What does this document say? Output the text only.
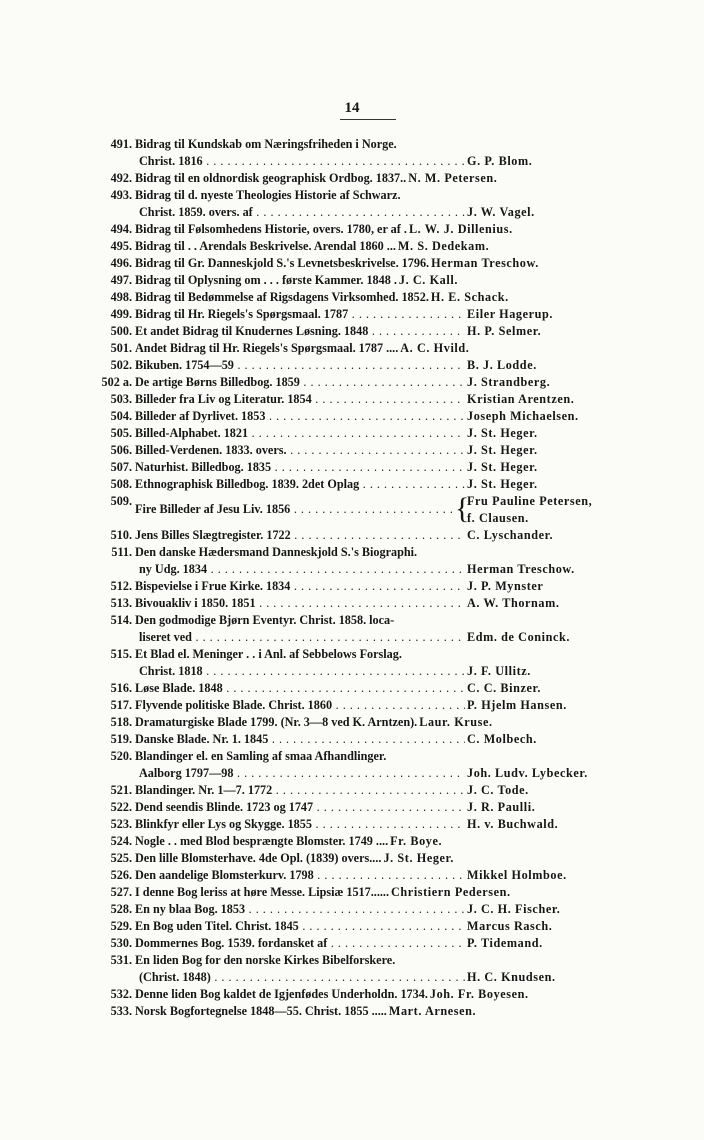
14
491. Bidrag til Kundskab om Næringsfriheden i Norge.
Christ. 1816 . . .	G. P. Blom.
492. Bidrag til en oldnordisk geographisk Ordbog. 1837.. N. M. Petersen.
493. Bidrag til d. nyeste Theologies Historie af Schwarz.
Christ. 1859. overs. af . . .	J. W. Vagel.
494. Bidrag til Følsomhedens Historie, overs. 1780, er af . L. W. J. Dillenius.
495. Bidrag til . . Arendals Beskrivelse. Arendal 1860 ... M. S. Dedekam.
496. Bidrag til Gr. Danneskjold S.'s Levnetsbeskrivelse. 1796. Herman Treschow.
497. Bidrag til Oplysning om . . . første Kammer. 1848 . J. C. Kall.
498. Bidrag til Bedømmelse af Rigsdagens Virksomhed. 1852. H. E. Schack.
499. Bidrag til Hr. Riegels's Spørgsmaal. 1787 . . .	Eiler Hagerup.
500. Et andet Bidrag til Knudernes Løsning. 1848 . . .	H. P. Selmer.
501. Andet Bidrag til Hr. Riegels's Spørgsmaal. 1787 .... A. C. Hvild.
502. Bikuben. 1754—59 . . .	B. J. Lodde.
502 a. De artige Børns Billedbog. 1859 . . .	J. Strandberg.
503. Billeder fra Liv og Literatur. 1854 . . .	Kristian Arentzen.
504. Billeder af Dyrlivet. 1853 . . .	Joseph Michaelsen.
505. Billed-Alphabet. 1821 . . .	J. St. Heger.
506. Billed-Verdenen. 1833. overs. . . .	J. St. Heger.
507. Naturhist. Billedbog. 1835 . . .	J. St. Heger.
508. Ethnographisk Billedbog. 1839. 2det Oplag . . .	J. St. Heger.
509.
Fire Billeder af Jesu Liv. 1856 . . .	{
Fru Pauline Petersen,
f. Clausen.
510. Jens Billes Slægtregister. 1722 . . .	C. Lyschander.
511. Den danske Hædersmand Danneskjold S.'s Biographi.
ny Udg. 1834 . . .	Herman Treschow.
512. Bispevielse i Frue Kirke. 1834 . . .	J. P. Mynster
513. Bivouakliv i 1850. 1851 . . .	A. W. Thornam.
514. Den godmodige Bjørn Eventyr. Christ. 1858. loca-
liseret ved . . .	Edm. de Coninck.
515. Et Blad el. Meninger . . i Anl. af Sebbelows Forslag.
Christ. 1818 . . .	J. F. Ullitz.
516. Løse Blade. 1848 . . .	C. C. Binzer.
517. Flyvende politiske Blade. Christ. 1860 . . .	P. Hjelm Hansen.
518. Dramaturgiske Blade 1799. (Nr. 3—8 ved K. Arntzen). Laur. Kruse.
519. Danske Blade. Nr. 1. 1845 . . .	C. Molbech.
520. Blandinger el. en Samling af smaa Afhandlinger.
Aalborg 1797—98 . . .	Joh. Ludv. Lybecker.
521. Blandinger. Nr. 1—7. 1772 . . .	J. C. Tode.
522. Dend seendis Blinde. 1723 og 1747 . . .	J. R. Paulli.
523. Blinkfyr eller Lys og Skygge. 1855 . . .	H. v. Buchwald.
524. Nogle . . med Blod besprængte Blomster. 1749 .... Fr. Boye.
525. Den lille Blomsterhave. 4de Opl. (1839) overs.... J. St. Heger.
526. Den aandelige Blomsterkurv. 1798 . . .	Mikkel Holmboe.
527. I denne Bog leriss at høre Messe. Lipsiæ 1517...... Christiern Pedersen.
528. En ny blaa Bog. 1853 . . .	J. C. H. Fischer.
529. En Bog uden Titel. Christ. 1845 . . .	Marcus Rasch.
530. Dommernes Bog. 1539. fordansket af . . .	P. Tidemand.
531. En liden Bog for den norske Kirkes Bibelforskere.
(Christ. 1848) . . .	H. C. Knudsen.
532. Denne liden Bog kaldet de Igjenfødes Underholdn. 1734. Joh. Fr. Boyesen.
533. Norsk Bogfortegnelse 1848—55. Christ. 1855 ..... Mart. Arnesen.
